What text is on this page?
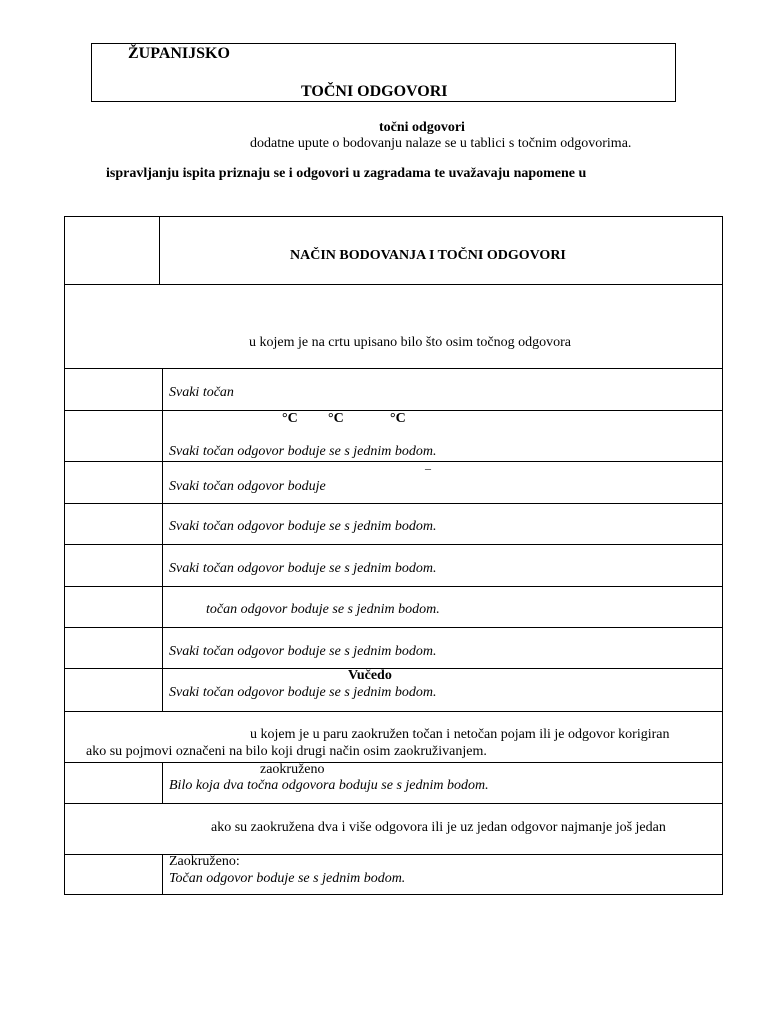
ŽUPANIJSKO
TOČNI ODGOVORI
točni odgovori
dodatne upute o bodovanju nalaze se u tablici s točnim odgovorima.
ispravljanju ispita priznaju se i odgovori u zagradama te uvažavaju napomene u
NAČIN BODOVANJA I TOČNI ODGOVORI
u kojem je na crtu upisano bilo što osim točnog odgovora
Svaki točan
°C °C	°C
Svaki točan odgovor boduje se s jednim bodom.
–
Svaki točan odgovor boduje
Svaki točan odgovor boduje se s jednim bodom.
Svaki točan odgovor boduje se s jednim bodom.
točan odgovor boduje se s jednim bodom.
Svaki točan odgovor boduje se s jednim bodom.
Vučedo
Svaki točan odgovor boduje se s jednim bodom.
u kojem je u paru zaokružen točan i netočan pojam ili je odgovor korigiran
ako su pojmovi označeni na bilo koji drugi način osim zaokruživanjem.
zaokruženo
Bilo koja dva točna odgovora boduju se s jednim bodom.
ako su zaokružena dva i više odgovora ili je uz jedan odgovor najmanje još jedan
Zaokruženo:
Točan odgovor boduje se s jednim bodom.
